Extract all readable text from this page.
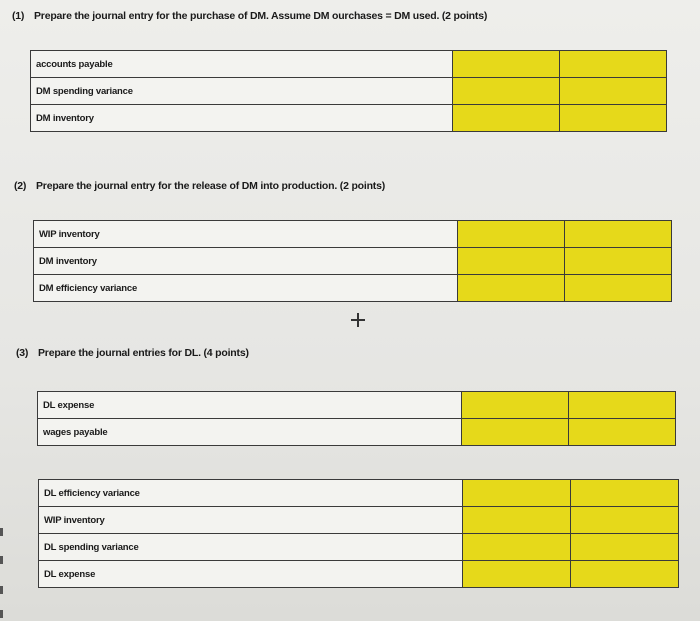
(1) Prepare the journal entry for the purchase of DM. Assume DM ourchases = DM used. (2 points)
accounts payable		
DM spending variance		
DM inventory		
(2) Prepare the journal entry for the release of DM into production. (2 points)
WIP inventory		
DM inventory		
DM efficiency variance		
(3) Prepare the journal entries for DL. (4 points)
DL expense		
wages payable		
DL efficiency variance		
WIP inventory		
DL spending variance		
DL expense		
